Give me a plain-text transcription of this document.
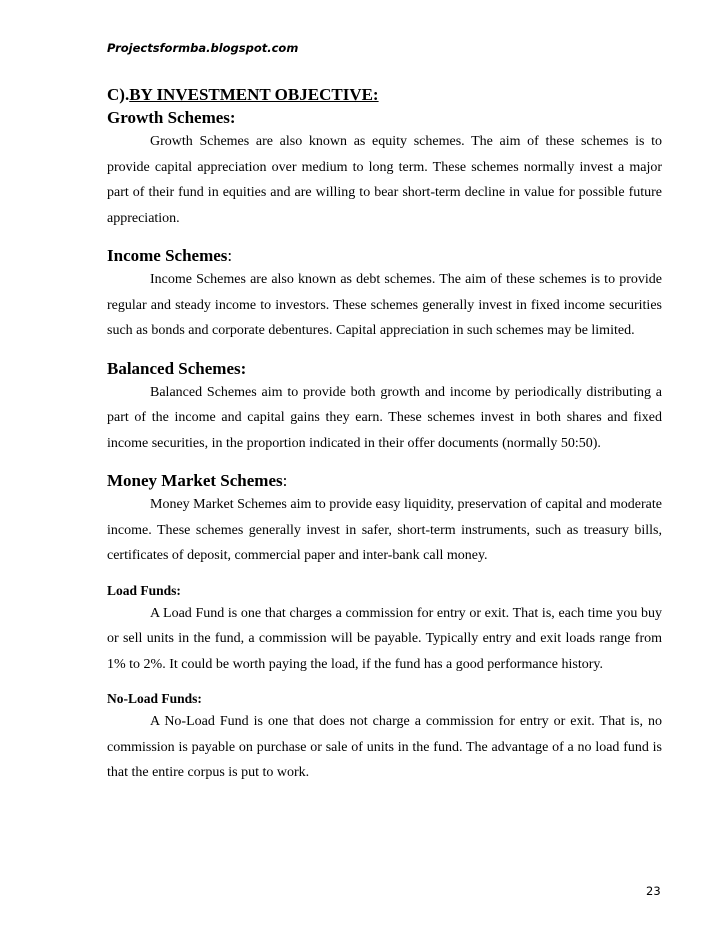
Projectsformba.blogspot.com
C).BY INVESTMENT OBJECTIVE:
Growth Schemes:

Growth Schemes are also known as equity schemes. The aim of these schemes is to provide capital appreciation over medium to long term. These schemes normally invest a major part of their fund in equities and are willing to bear short-term decline in value for possible future appreciation.

Income Schemes:

Income Schemes are also known as debt schemes. The aim of these schemes is to provide regular and steady income to investors. These schemes generally invest in fixed income securities such as bonds and corporate debentures. Capital appreciation in such schemes may be limited.

Balanced Schemes:

Balanced Schemes aim to provide both growth and income by periodically distributing a part of the income and capital gains they earn. These schemes invest in both shares and fixed income securities, in the proportion indicated in their offer documents (normally 50:50).

Money Market Schemes:

Money Market Schemes aim to provide easy liquidity, preservation of capital and moderate income. These schemes generally invest in safer, short-term instruments, such as treasury bills, certificates of deposit, commercial paper and inter-bank call money.

Load Funds:

A Load Fund is one that charges a commission for entry or exit. That is, each time you buy or sell units in the fund, a commission will be payable. Typically entry and exit loads range from 1% to 2%. It could be worth paying the load, if the fund has a good performance history.

No-Load Funds:

A No-Load Fund is one that does not charge a commission for entry or exit. That is, no commission is payable on purchase or sale of units in the fund. The advantage of a no load fund is that the entire corpus is put to work.

23
